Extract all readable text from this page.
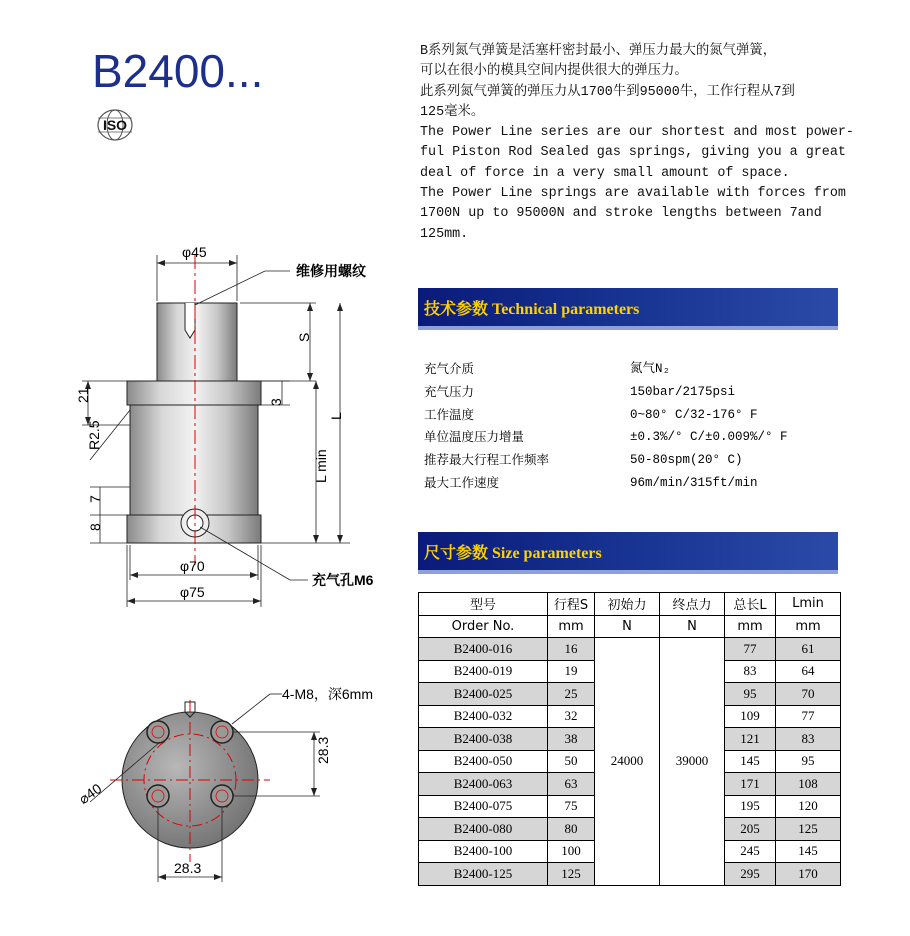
B2400...
ISO
B系列氮气弹簧是活塞杆密封最小、弹压力最大的氮气弹簧，
可以在很小的模具空间内提供很大的弹压力。
此系列氮气弹簧的弹压力从1700牛到95000牛，工作行程从7到
125毫米。
The Power Line series are our shortest and most power-
ful Piston Rod Sealed gas springs, giving you a great
deal of force in a very small amount of space.
The Power Line springs are available with forces from
1700N up to 95000N and stroke lengths between 7and
125mm.
φ45
维修用螺纹
S
3
L
L min
21
R2.5
7
8
φ70
φ75
充气孔M6
4-M8，深6mm
28.3
⌀40
28.3
技术参数 Technical parameters
充气介质	氮气N₂
充气压力	150bar/2175psi
工作温度	0~80° C/32-176° F
单位温度压力增量	±0.3%/° C/±0.009%/° F
推荐最大行程工作频率	50-80spm(20° C)
最大工作速度	96m/min/315ft/min
尺寸参数 Size parameters
型号	行程S	初始力	终点力	总长L	Lmin
Order No.	mm	N	N	mm	mm
B2400-016	16	24000	39000	77	61
B2400-019	19			83	64
B2400-025	25			95	70
B2400-032	32			109	77
B2400-038	38			121	83
B2400-050	50			145	95
B2400-063	63			171	108
B2400-075	75			195	120
B2400-080	80			205	125
B2400-100	100			245	145
B2400-125	125			295	170
